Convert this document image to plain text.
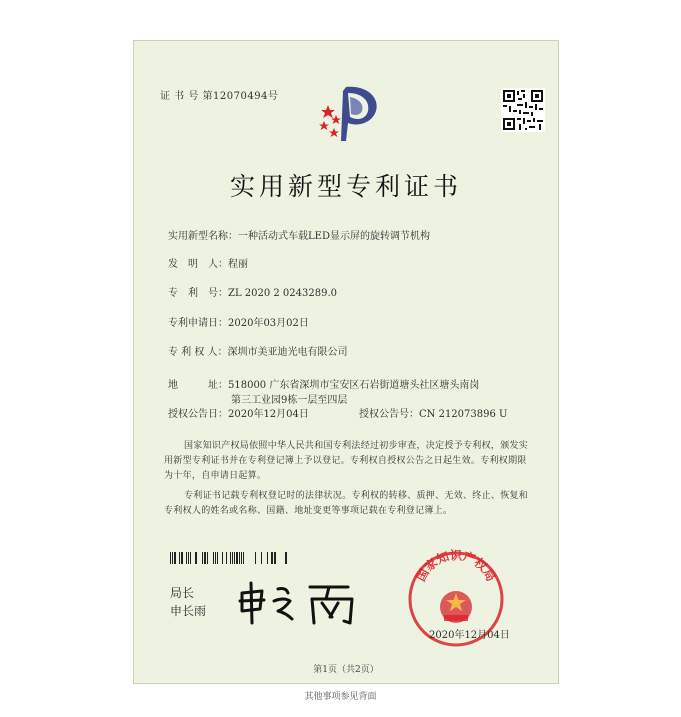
证 书 号 第12070494号
实用新型专利证书
实用新型名称：一种活动式车载LED显示屏的旋转调节机构
发　明　人：程丽
专　利　号：ZL 2020 2 0243289.0
专利申请日：2020年03月02日
专 利 权 人：深圳市美亚迪光电有限公司
地　　　址：518000 广东省深圳市宝安区石岩街道塘头社区塘头南岗
第三工业园9栋一层至四层
授权公告日：2020年12月04日	授权公告号：CN 212073896 U
国家知识产权局依照中华人民共和国专利法经过初步审查，决定授予专利权，颁发实用新型专利证书并在专利登记簿上予以登记。专利权自授权公告之日起生效。专利权期限为十年，自申请日起算。
专利证书记载专利权登记时的法律状况。专利权的转移、质押、无效、终止、恢复和专利权人的姓名或名称、国籍、地址变更等事项记载在专利登记簿上。
局长
申长雨
国家知识产权局
2020年12月04日
第1页（共2页）
其他事项参见背面
